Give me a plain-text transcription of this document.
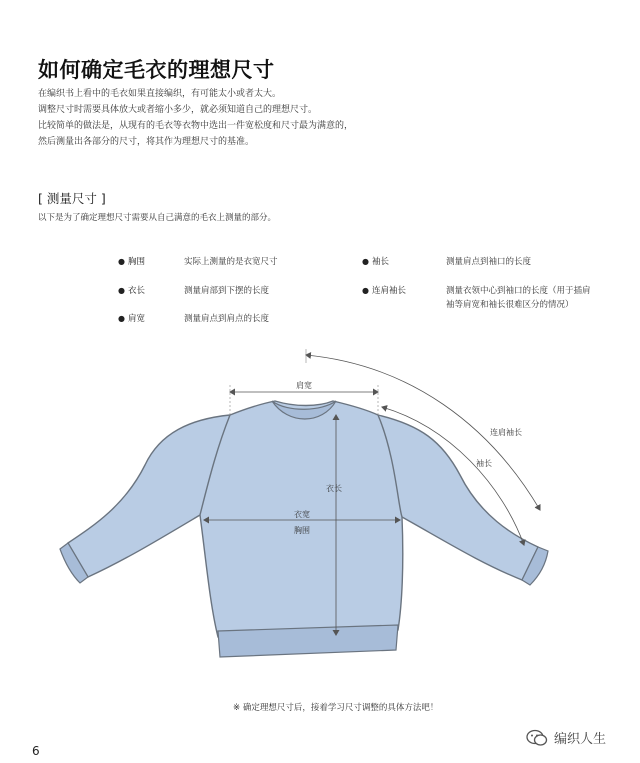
如何确定毛衣的理想尺寸
在编织书上看中的毛衣如果直接编织，有可能太小或者太大。
调整尺寸时需要具体放大或者缩小多少，就必须知道自己的理想尺寸。
比较简单的做法是，从现有的毛衣等衣物中选出一件宽松度和尺寸最为满意的，
然后测量出各部分的尺寸，将其作为理想尺寸的基准。
[ 测量尺寸 ]
以下是为了确定理想尺寸需要从自己满意的毛衣上测量的部分。
● 胸围	实际上测量的是衣宽尺寸
● 衣长	测量肩部到下摆的长度
● 肩宽	测量肩点到肩点的长度
● 袖长	测量肩点到袖口的长度
● 连肩袖长	测量衣领中心到袖口的长度（用于插肩袖等肩宽和袖长很难区分的情况）
肩宽
连肩袖长
袖长
衣长
衣宽
胸围
※ 确定理想尺寸后，接着学习尺寸调整的具体方法吧！
6
编织人生
